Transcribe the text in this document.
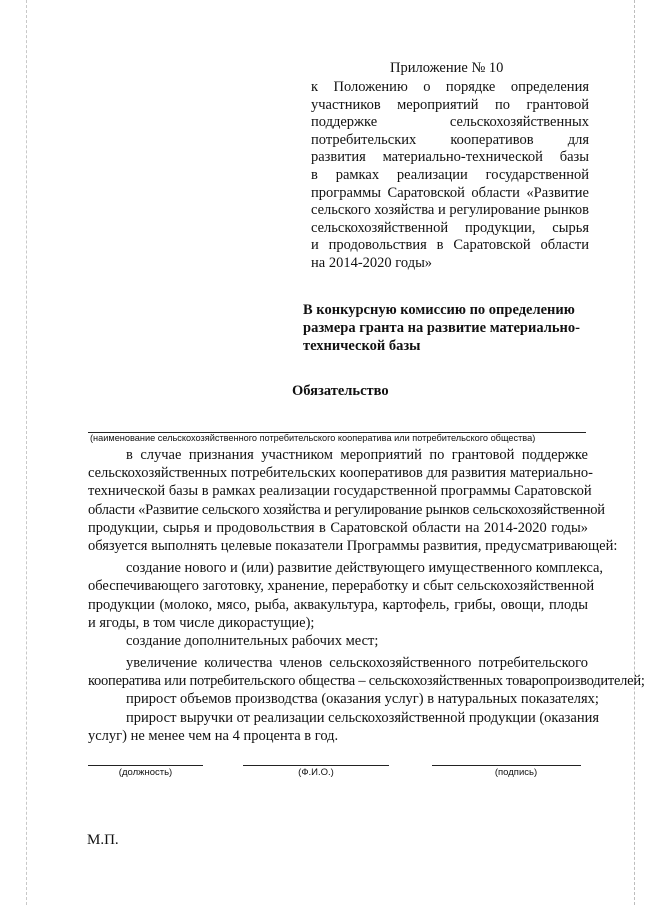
Приложение № 10
к Положению о порядке определения
участников мероприятий по грантовой
поддержке сельскохозяйственных
потребительских кооперативов для
развития материально-технической базы
в рамках реализации государственной
программы Саратовской области «Развитие
сельского хозяйства и регулирование рынков
сельскохозяйственной продукции, сырья
и продовольствия в Саратовской области
на 2014-2020 годы»
В конкурсную комиссию по определению
размера гранта на развитие материально-
технической базы
Обязательство
(наименование сельскохозяйственного потребительского кооператива или потребительского общества)
в случае признания участником мероприятий по грантовой поддержке
сельскохозяйственных потребительских кооперативов для развития материально-
технической базы в рамках реализации государственной программы Саратовской
области «Развитие сельского хозяйства и регулирование рынков сельскохозяйственной
продукции, сырья и продовольствия в Саратовской области на 2014-2020 годы»
обязуется выполнять целевые показатели Программы развития, предусматривающей:
создание нового и (или) развитие действующего имущественного комплекса,
обеспечивающего заготовку, хранение, переработку и сбыт сельскохозяйственной
продукции (молоко, мясо, рыба, аквакультура, картофель, грибы, овощи, плоды
и ягоды, в том числе дикорастущие);
создание дополнительных рабочих мест;
увеличение количества членов сельскохозяйственного потребительского
кооператива или потребительского общества – сельскохозяйственных товаропроизводителей;
прирост объемов производства (оказания услуг) в натуральных показателях;
прирост выручки от реализации сельскохозяйственной продукции (оказания
услуг) не менее чем на 4 процента в год.
(должность)	(Ф.И.О.)	(подпись)
М.П.
